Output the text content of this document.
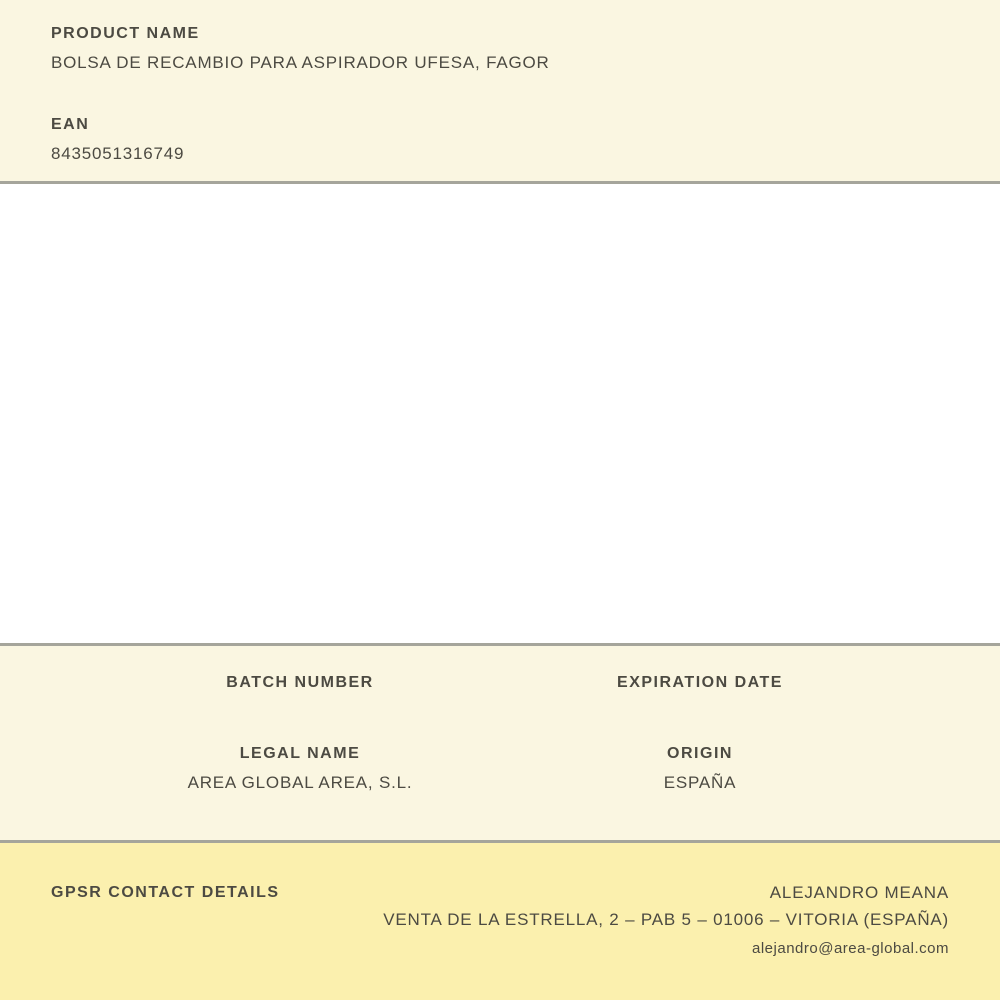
PRODUCT NAME
BOLSA DE RECAMBIO PARA ASPIRADOR UFESA, FAGOR
EAN
8435051316749
BATCH NUMBER	EXPIRATION DATE
LEGAL NAME
AREA GLOBAL AREA, S.L.
ORIGIN
ESPAÑA
GPSR CONTACT DETAILS	ALEJANDRO MEANA
VENTA DE LA ESTRELLA, 2 – PAB 5 – 01006 – VITORIA (ESPAÑA)
alejandro@area-global.com
